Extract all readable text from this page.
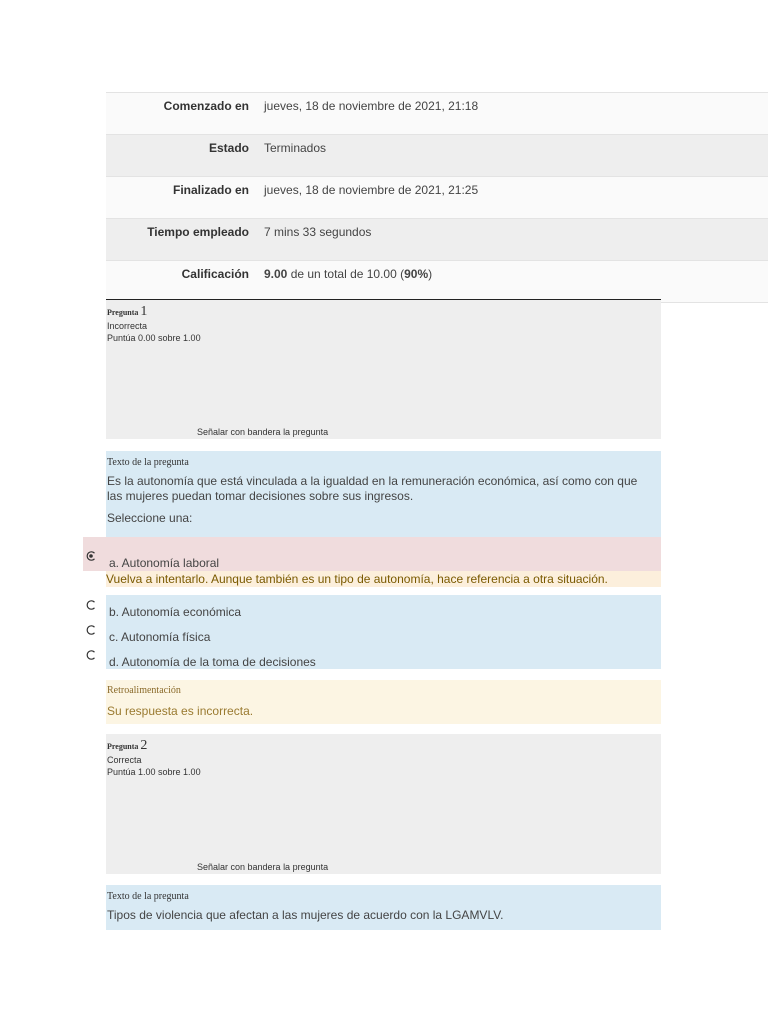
Comenzado en	jueves, 18 de noviembre de 2021, 21:18
Estado	Terminados
Finalizado en	jueves, 18 de noviembre de 2021, 21:25
Tiempo empleado	7 mins 33 segundos
Calificación	9.00 de un total de 10.00 (90%)
Pregunta 1
Incorrecta
Puntúa 0.00 sobre 1.00
Señalar con bandera la pregunta
Texto de la pregunta
Es la autonomía que está vinculada a la igualdad en la remuneración económica, así como con que las mujeres puedan tomar decisiones sobre sus ingresos.
Seleccione una:
a. Autonomía laboral
Vuelva a intentarlo. Aunque también es un tipo de autonomía, hace referencia a otra situación.
b. Autonomía económica
c. Autonomía física
d. Autonomía de la toma de decisiones
Retroalimentación
Su respuesta es incorrecta.
Pregunta 2
Correcta
Puntúa 1.00 sobre 1.00
Señalar con bandera la pregunta
Texto de la pregunta
Tipos de violencia que afectan a las mujeres de acuerdo con la LGAMVLV.
